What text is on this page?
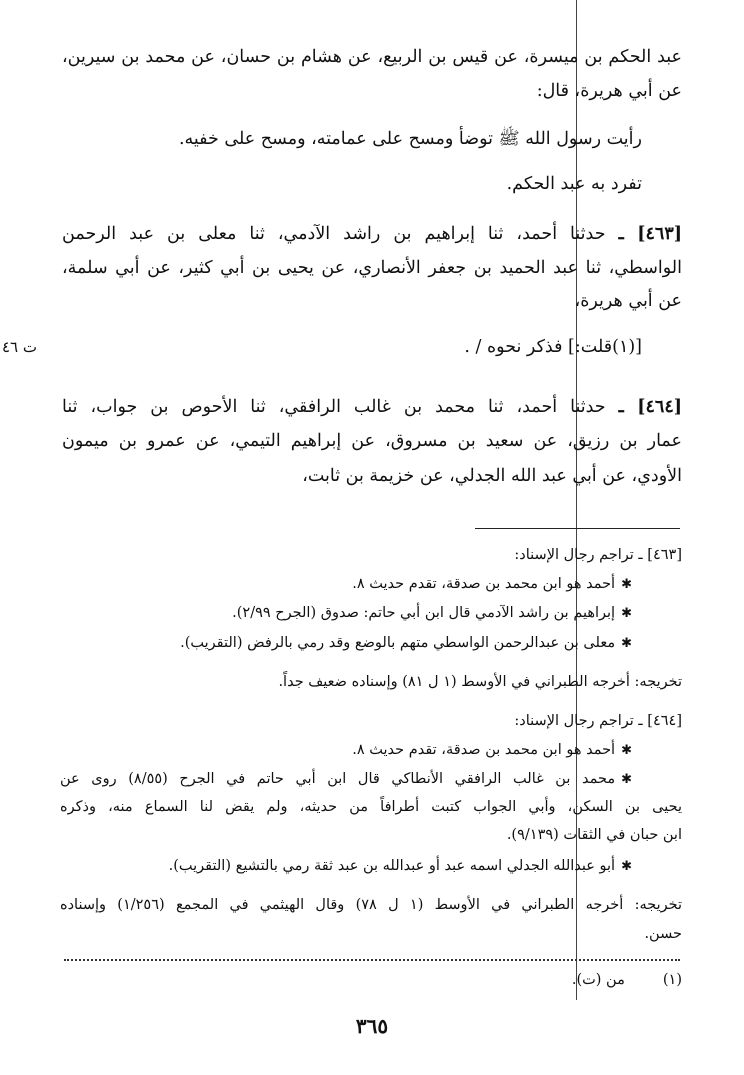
عبد الحكم بن ميسرة، عن قيس بن الربيع، عن هشام بن حسان، عن محمد بن سيرين،
عن أبي هريرة، قال:
رأيت رسول الله ﷺ توضأ ومسح على عمامته، ومسح على خفيه.
تفرد به عبد الحكم.
[٤٦٣] ـ حدثنا أحمد، ثنا إبراهيم بن راشد الآدمي، ثنا معلى بن عبد الرحمن
الواسطي، ثنا عبد الحميد بن جعفر الأنصاري، عن يحيى بن أبي كثير، عن أبي سلمة،
عن أبي هريرة،
[(١)قلت:] فذكر نحوه / .
ت ٤٦
[٤٦٤] ـ حدثنا أحمد، ثنا محمد بن غالب الرافقي، ثنا الأحوص بن جواب، ثنا
عمار بن رزيق، عن سعيد بن مسروق، عن إبراهيم التيمي، عن عمرو بن ميمون
الأودي، عن أبي عبد الله الجدلي، عن خزيمة بن ثابت،
[٤٦٣] ـ تراجم رجال الإسناد:
✱أحمد هو ابن محمد بن صدقة، تقدم حديث ٨.
✱إبراهيم بن راشد الآدمي قال ابن أبي حاتم: صدوق (الجرح ٢/٩٩).
✱معلى بن عبدالرحمن الواسطي متهم بالوضع وقد رمي بالرفض (التقريب).
تخريجه: أخرجه الطبراني في الأوسط (١ ل ٨١) وإسناده ضعيف جداً.
[٤٦٤] ـ تراجم رجال الإسناد:
✱أحمد هو ابن محمد بن صدقة، تقدم حديث ٨.
✱محمد بن غالب الرافقي الأنطاكي قال ابن أبي حاتم في الجرح (٨/٥٥) روى عن
يحيى بن السكن، وأبي الجواب كتبت أطرافاً من حديثه، ولم يقض لنا السماع منه، وذكره
ابن حبان في الثقات (٩/١٣٩).
✱أبو عبدالله الجدلي اسمه عبد أو عبدالله بن عبد ثقة رمي بالتشيع (التقريب).
تخريجه: أخرجه الطبراني في الأوسط (١ ل ٧٨) وقال الهيثمي في المجمع (١/٢٥٦) وإسناده
حسن.
(١)من (ت).
٣٦٥
